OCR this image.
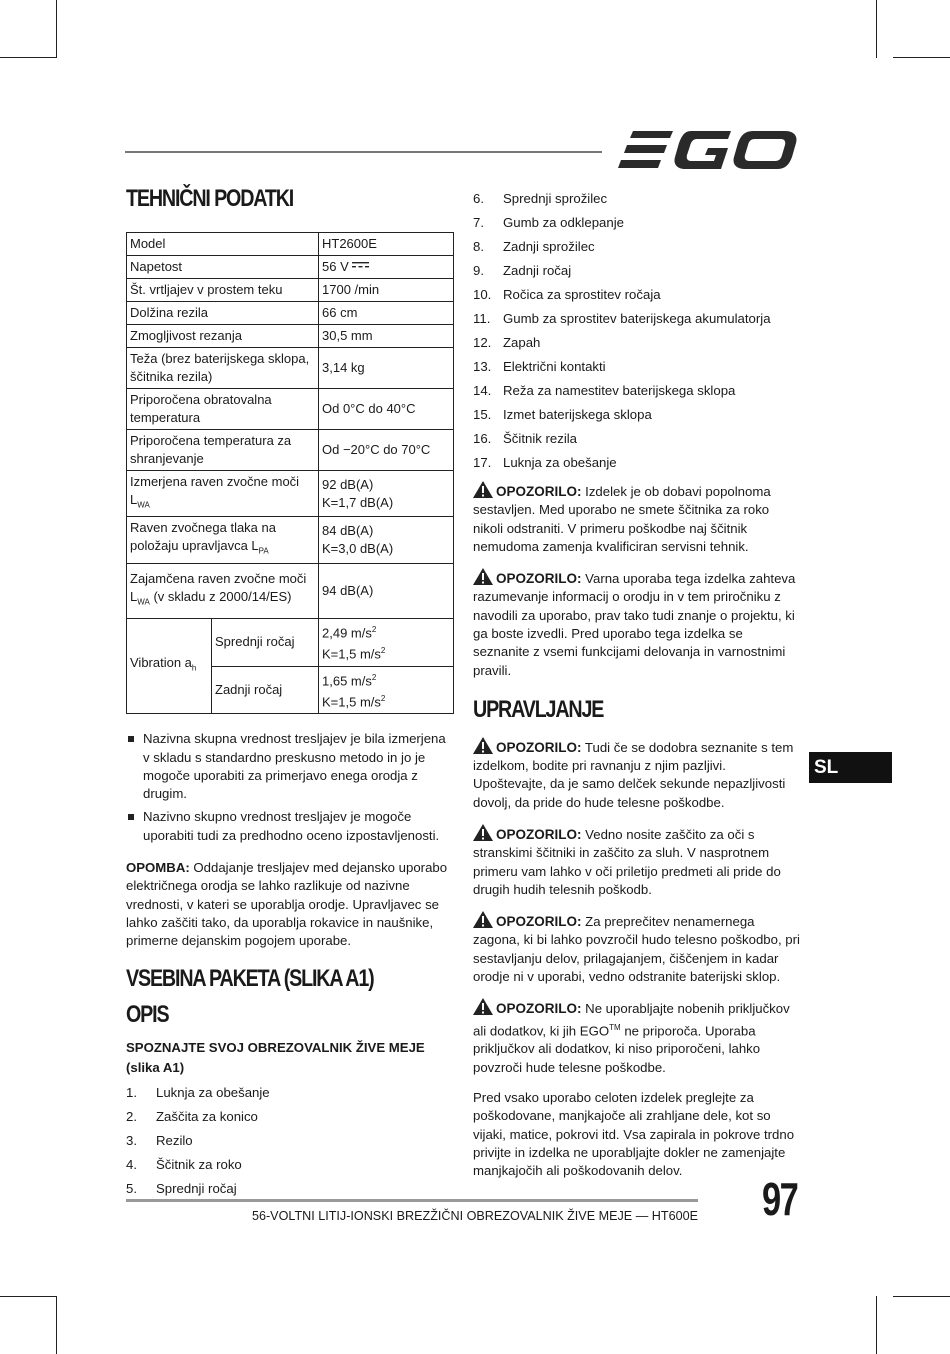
TEHNIČNI PODATKI
Model		HT2600E
Napetost		56 V
Št. vrtljajev v prostem teku		1700 /min
Dolžina rezila		66 cm
Zmogljivost rezanja		30,5 mm
Teža (brez baterijskega sklopa, ščitnika rezila)		3,14 kg
Priporočena obratovalna temperatura		Od 0°C do 40°C
Priporočena temperatura za shranjevanje		Od −20°C do 70°C
Izmerjena raven zvočne moči $L_{WA}$		92 dB(A)
K=1,7 dB(A)
Raven zvočnega tlaka na
položaju upravljavca $L_{PA}$		84 dB(A)
K=3,0 dB(A)
Zajamčena raven zvočne moči
$L_{WA}$ (v skladu z 2000/14/ES)		94 dB(A)
Vibration $a_h$	Sprednji ročaj	2,49 $m/s^2$
K=1,5 $m/s^2$
	Zadnji ročaj	1,65 $m/s^2$
K=1,5 $m/s^2$
Nazivna skupna vrednost tresljajev je bila izmerjena v skladu s standardno preskusno metodo in jo je mogoče uporabiti za primerjavo enega orodja z drugim.
Nazivno skupno vrednost tresljajev je mogoče uporabiti tudi za predhodno oceno izpostavljenosti.

OPOMBA: Oddajanje tresljajev med dejansko uporabo električnega orodja se lahko razlikuje od nazivne vrednosti, v kateri se uporablja orodje. Upravljavec se lahko zaščiti tako, da uporablja rokavice in naušnike, primerne dejanskim pogojem uporabe.

VSEBINA PAKETA (SLIKA A1)
OPIS

SPOZNAJTE SVOJ OBREZOVALNIK ŽIVE MEJE (slika A1)

1.	Luknja za obešanje
2.	Zaščita za konico
3.	Rezilo
4.	Ščitnik za roko
5.	Sprednji ročaj
6.	Sprednji sprožilec
7.	Gumb za odklepanje
8.	Zadnji sprožilec
9.	Zadnji ročaj
10. Ročica za sprostitev ročaja
11. Gumb za sprostitev baterijskega akumulatorja
12. Zapah
13. Električni kontakti
14. Reža za namestitev baterijskega sklopa
15. Izmet baterijskega sklopa
16. Ščitnik rezila
17. Luknja za obešanje

OPOZORILO: Izdelek je ob dobavi popolnoma sestavljen. Med uporabo ne smete ščitnika za roko nikoli odstraniti. V primeru poškodbe naj ščitnik nemudoma zamenja kvalificiran servisni tehnik.

OPOZORILO: Varna uporaba tega izdelka zahteva razumevanje informacij o orodju in v tem priročniku z navodili za uporabo, prav tako tudi znanje o projektu, ki ga boste izvedli. Pred uporabo tega izdelka se seznanite z vsemi funkcijami delovanja in varnostnimi pravili.

UPRAVLJANJE

OPOZORILO: Tudi če se dodobra seznanite s tem izdelkom, bodite pri ravnanju z njim pazljivi. Upoštevajte, da je samo delček sekunde nepazljivosti dovolj, da pride do hude telesne poškodbe.

OPOZORILO: Vedno nosite zaščito za oči s stranskimi ščitniki in zaščito za sluh. V nasprotnem primeru vam lahko v oči priletijo predmeti ali pride do drugih hudih telesnih poškodb.

OPOZORILO: Za preprečitev nenamernega zagona, ki bi lahko povzročil hudo telesno poškodbo, pri sestavljanju delov, prilagajanjem, čiščenjem in kadar orodje ni v uporabi, vedno odstranite baterijski sklop.

OPOZORILO: Ne uporabljajte nobenih priključkov ali dodatkov, ki jih EGO™ ne priporoča. Uporaba priključkov ali dodatkov, ki niso priporočeni, lahko povzroči hude telesne poškodbe.

Pred vsako uporabo celoten izdelek preglejte za poškodovane, manjkajoče ali zrahljane dele, kot so vijaki, matice, pokrovi itd. Vsa zapirala in pokrove trdno privijte in izdelka ne uporabljajte dokler ne zamenjajte manjkajočih ali poškodovanih delov.

SL
56-VOLTNI LITIJ-IONSKI BREZŽIČNI OBREZOVALNIK ŽIVE MEJE — HT600E 97
